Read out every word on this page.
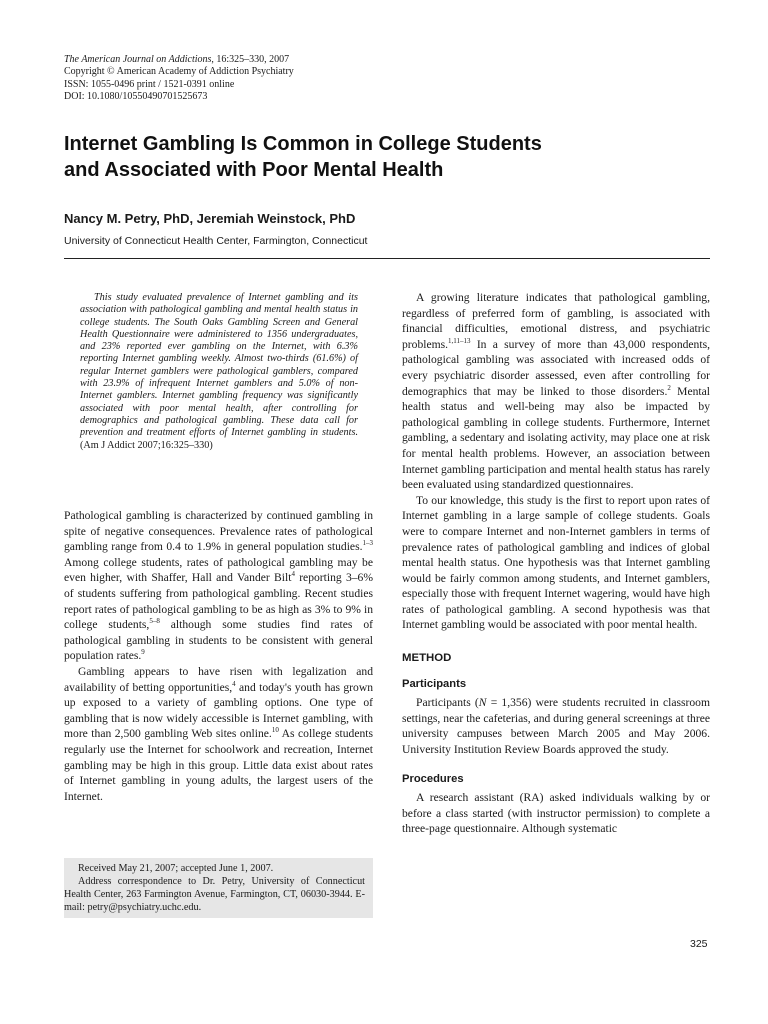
The American Journal on Addictions, 16:325–330, 2007
Copyright © American Academy of Addiction Psychiatry
ISSN: 1055-0496 print / 1521-0391 online
DOI: 10.1080/10550490701525673
Internet Gambling Is Common in College Students
and Associated with Poor Mental Health

Nancy M. Petry, PhD, Jeremiah Weinstock, PhD

University of Connecticut Health Center, Farmington, Connecticut

This study evaluated prevalence of Internet gambling and its association with pathological gambling and mental health status in college students. The South Oaks Gambling Screen and General Health Questionnaire were administered to 1356 undergraduates, and 23% reported ever gambling on the Internet, with 6.3% reporting Internet gambling weekly. Almost two-thirds (61.6%) of regular Internet gamblers were pathological gamblers, compared with 23.9% of infrequent Internet gamblers and 5.0% of non-Internet gamblers. Internet gambling frequency was significantly associated with poor mental health, after controlling for demographics and pathological gambling. These data call for prevention and treatment efforts of Internet gambling in students. (Am J Addict 2007;16:325–330)

Pathological gambling is characterized by continued gambling in spite of negative consequences. Prevalence rates of pathological gambling range from 0.4 to 1.9% in general population studies.$^{1-3}$ Among college students, rates of pathological gambling may be even higher, with Shaffer, Hall and Vander Bilt$^4$ reporting 3–6% of students suffering from pathological gambling. Recent studies report rates of pathological gambling to be as high as 3% to 9% in college students,$^{5-8}$ although some studies find rates of pathological gambling in students to be consistent with general population rates.$^9$

Gambling appears to have risen with legalization and availability of betting opportunities,$^4$ and today's youth has grown up exposed to a variety of gambling options. One type of gambling that is now widely accessible is Internet gambling, with more than 2,500 gambling Web sites online.$^{10}$ As college students regularly use the Internet for schoolwork and recreation, Internet gambling may be high in this group. Little data exist about rates of Internet gambling in young adults, the largest users of the Internet.

Received May 21, 2007; accepted June 1, 2007.

Address correspondence to Dr. Petry, University of Connecticut Health Center, 263 Farmington Avenue, Farmington, CT, 06030-3944. E-mail: petry@psychiatry.uchc.edu.

A growing literature indicates that pathological gambling, regardless of preferred form of gambling, is associated with financial difficulties, emotional distress, and psychiatric problems.$^{1,11-13}$ In a survey of more than 43,000 respondents, pathological gambling was associated with increased odds of every psychiatric disorder assessed, even after controlling for demographics that may be linked to those disorders.$^2$ Mental health status and well-being may also be impacted by pathological gambling in college students. Furthermore, Internet gambling, a sedentary and isolating activity, may place one at risk for mental health problems. However, an association between Internet gambling participation and mental health status has rarely been evaluated using standardized questionnaires.

To our knowledge, this study is the first to report upon rates of Internet gambling in a large sample of college students. Goals were to compare Internet and non-Internet gamblers in terms of prevalence rates of pathological gambling and indices of global mental health status. One hypothesis was that Internet gambling would be fairly common among students, and Internet gamblers, especially those with frequent Internet wagering, would have high rates of pathological gambling. A second hypothesis was that Internet gambling would be associated with poor mental health.

METHOD
Participants

Participants (N = 1,356) were students recruited in classroom settings, near the cafeterias, and during general screenings at three university campuses between March 2005 and May 2006. University Institution Review Boards approved the study.

Procedures

A research assistant (RA) asked individuals walking by or before a class started (with instructor permission) to complete a three-page questionnaire. Although systematic

325
